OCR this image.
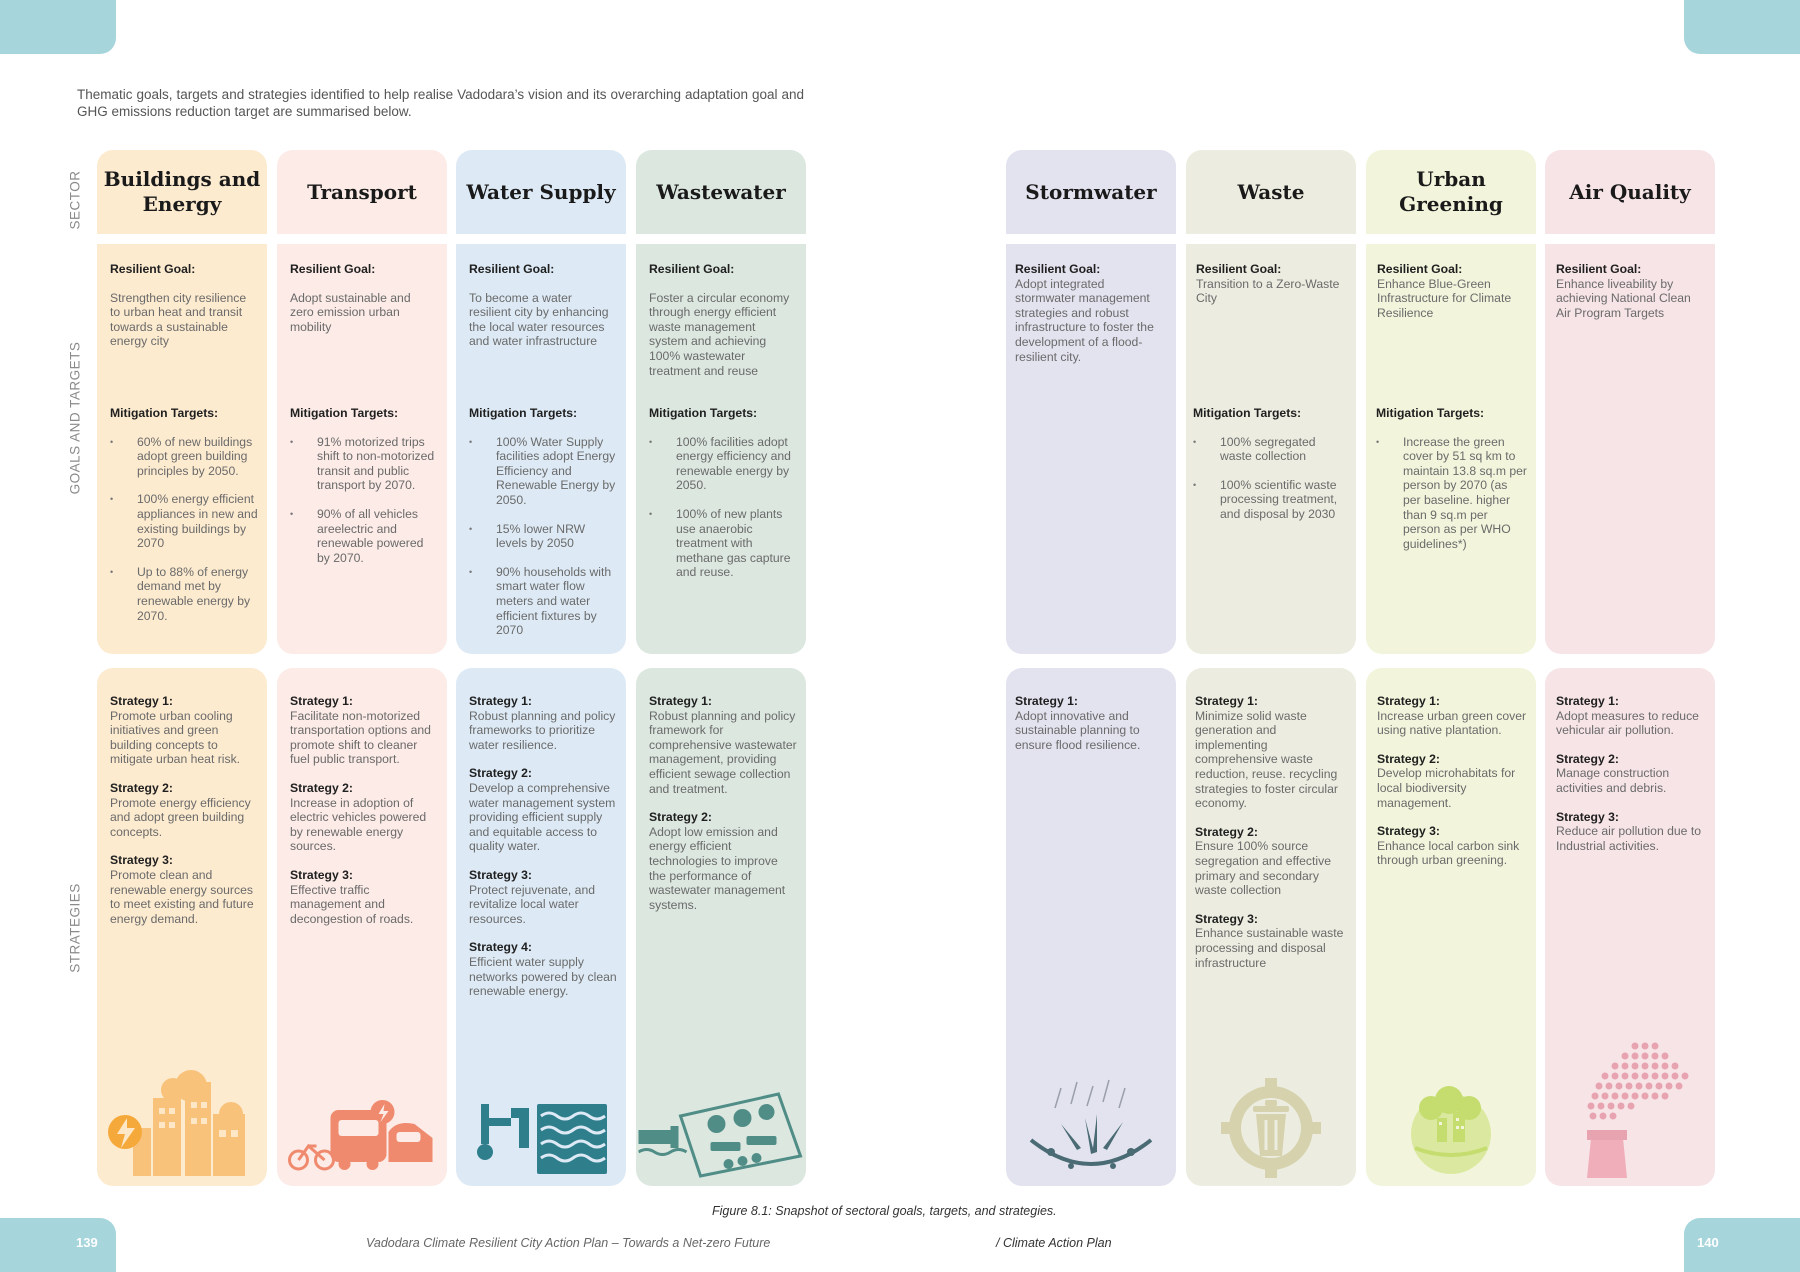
139	140

Thematic goals, targets and strategies identified to help realise Vadodara’s vision and its overarching adaptation goal and GHG emissions reduction target are summarised below.

SECTOR
GOALS AND TARGETS
STRATEGIES
Buildings and Energy
Resilient Goal:

Strengthen city resilience to urban heat and transit towards a sustainable energy city

Mitigation Targets:
• 60% of new buildings adopt green building principles by 2050.
• 100% energy efficient appliances in new and existing buildings by 2070
• Up to 88% of energy demand met by renewable energy by 2070.
Strategy 1:
Promote urban cooling initiatives and green building concepts to mitigate urban heat risk.
Strategy 2:
Promote energy efficiency and adopt green building concepts.
Strategy 3:
Promote clean and renewable energy sources to meet existing and future energy demand.
Transport
Resilient Goal:

Adopt sustainable and zero emission urban mobility

Mitigation Targets:
• 91% motorized trips shift to non-motorized transit and public transport by 2070.
• 90% of all vehicles areelectric and renewable powered by 2070.
Strategy 1:
Facilitate non-motorized transportation options and promote shift to cleaner fuel public transport.
Strategy 2:
Increase in adoption of electric vehicles powered by renewable energy sources.
Strategy 3:
Effective traffic management and decongestion of roads.
Water Supply
Resilient Goal:

To become a water resilient city by enhancing the local water resources and water infrastructure

Mitigation Targets:
• 100% Water Supply facilities adopt Energy Efficiency and Renewable Energy by 2050.
• 15% lower NRW levels by 2050
• 90% households with smart water flow meters and water efficient fixtures by 2070
Strategy 1:
Robust planning and policy frameworks to prioritize water resilience.
Strategy 2:
Develop a comprehensive water management system providing efficient supply and equitable access to quality water.
Strategy 3:
Protect rejuvenate, and revitalize local water resources.
Strategy 4:
Efficient water supply networks powered by clean renewable energy.
Wastewater
Resilient Goal:

Foster a circular economy through energy efficient waste management system and achieving 100% wastewater treatment and reuse

Mitigation Targets:
• 100% facilities adopt energy efficiency and renewable energy by 2050.
• 100% of new plants use anaerobic treatment with methane gas capture and reuse.
Strategy 1:
Robust planning and policy framework for comprehensive wastewater management, providing efficient sewage collection and treatment.
Strategy 2:
Adopt low emission and energy efficient technologies to improve the performance of wastewater management systems.
Stormwater
Resilient Goal:

Adopt integrated stormwater management strategies and robust infrastructure to foster the development of a flood-resilient city.

Strategy 1:
Adopt innovative and sustainable planning to ensure flood resilience.
Waste
Resilient Goal:

Transition to a Zero-Waste City

Mitigation Targets:
• 100% segregated waste collection
• 100% scientific waste processing treatment, and disposal by 2030
Strategy 1:
Minimize solid waste generation and implementing comprehensive waste reduction, reuse. recycling strategies to foster circular economy.
Strategy 2:
Ensure 100% source segregation and effective primary and secondary waste collection
Strategy 3:
Enhance sustainable waste processing and disposal infrastructure
Urban Greening
Resilient Goal:

Enhance Blue-Green Infrastructure for Climate Resilience

Mitigation Targets:
• Increase the green cover by 51 sq km to maintain 13.8 sq.m per person by 2070 (as per baseline. higher than 9 sq.m per person as per WHO guidelines*)
Strategy 1:
Increase urban green cover using native plantation.
Strategy 2:
Develop microhabitats for local biodiversity management.
Strategy 3:
Enhance local carbon sink through urban greening.
Air Quality
Resilient Goal:

Enhance liveability by achieving National Clean Air Program Targets

Strategy 1:
Adopt measures to reduce vehicular air pollution.
Strategy 2:
Manage construction activities and debris.
Strategy 3:
Reduce air pollution due to Industrial activities.
Figure 8.1: Snapshot of sectoral goals, targets, and strategies.
Vadodara Climate Resilient City Action Plan – Towards a Net-zero Future	/ Climate Action Plan
